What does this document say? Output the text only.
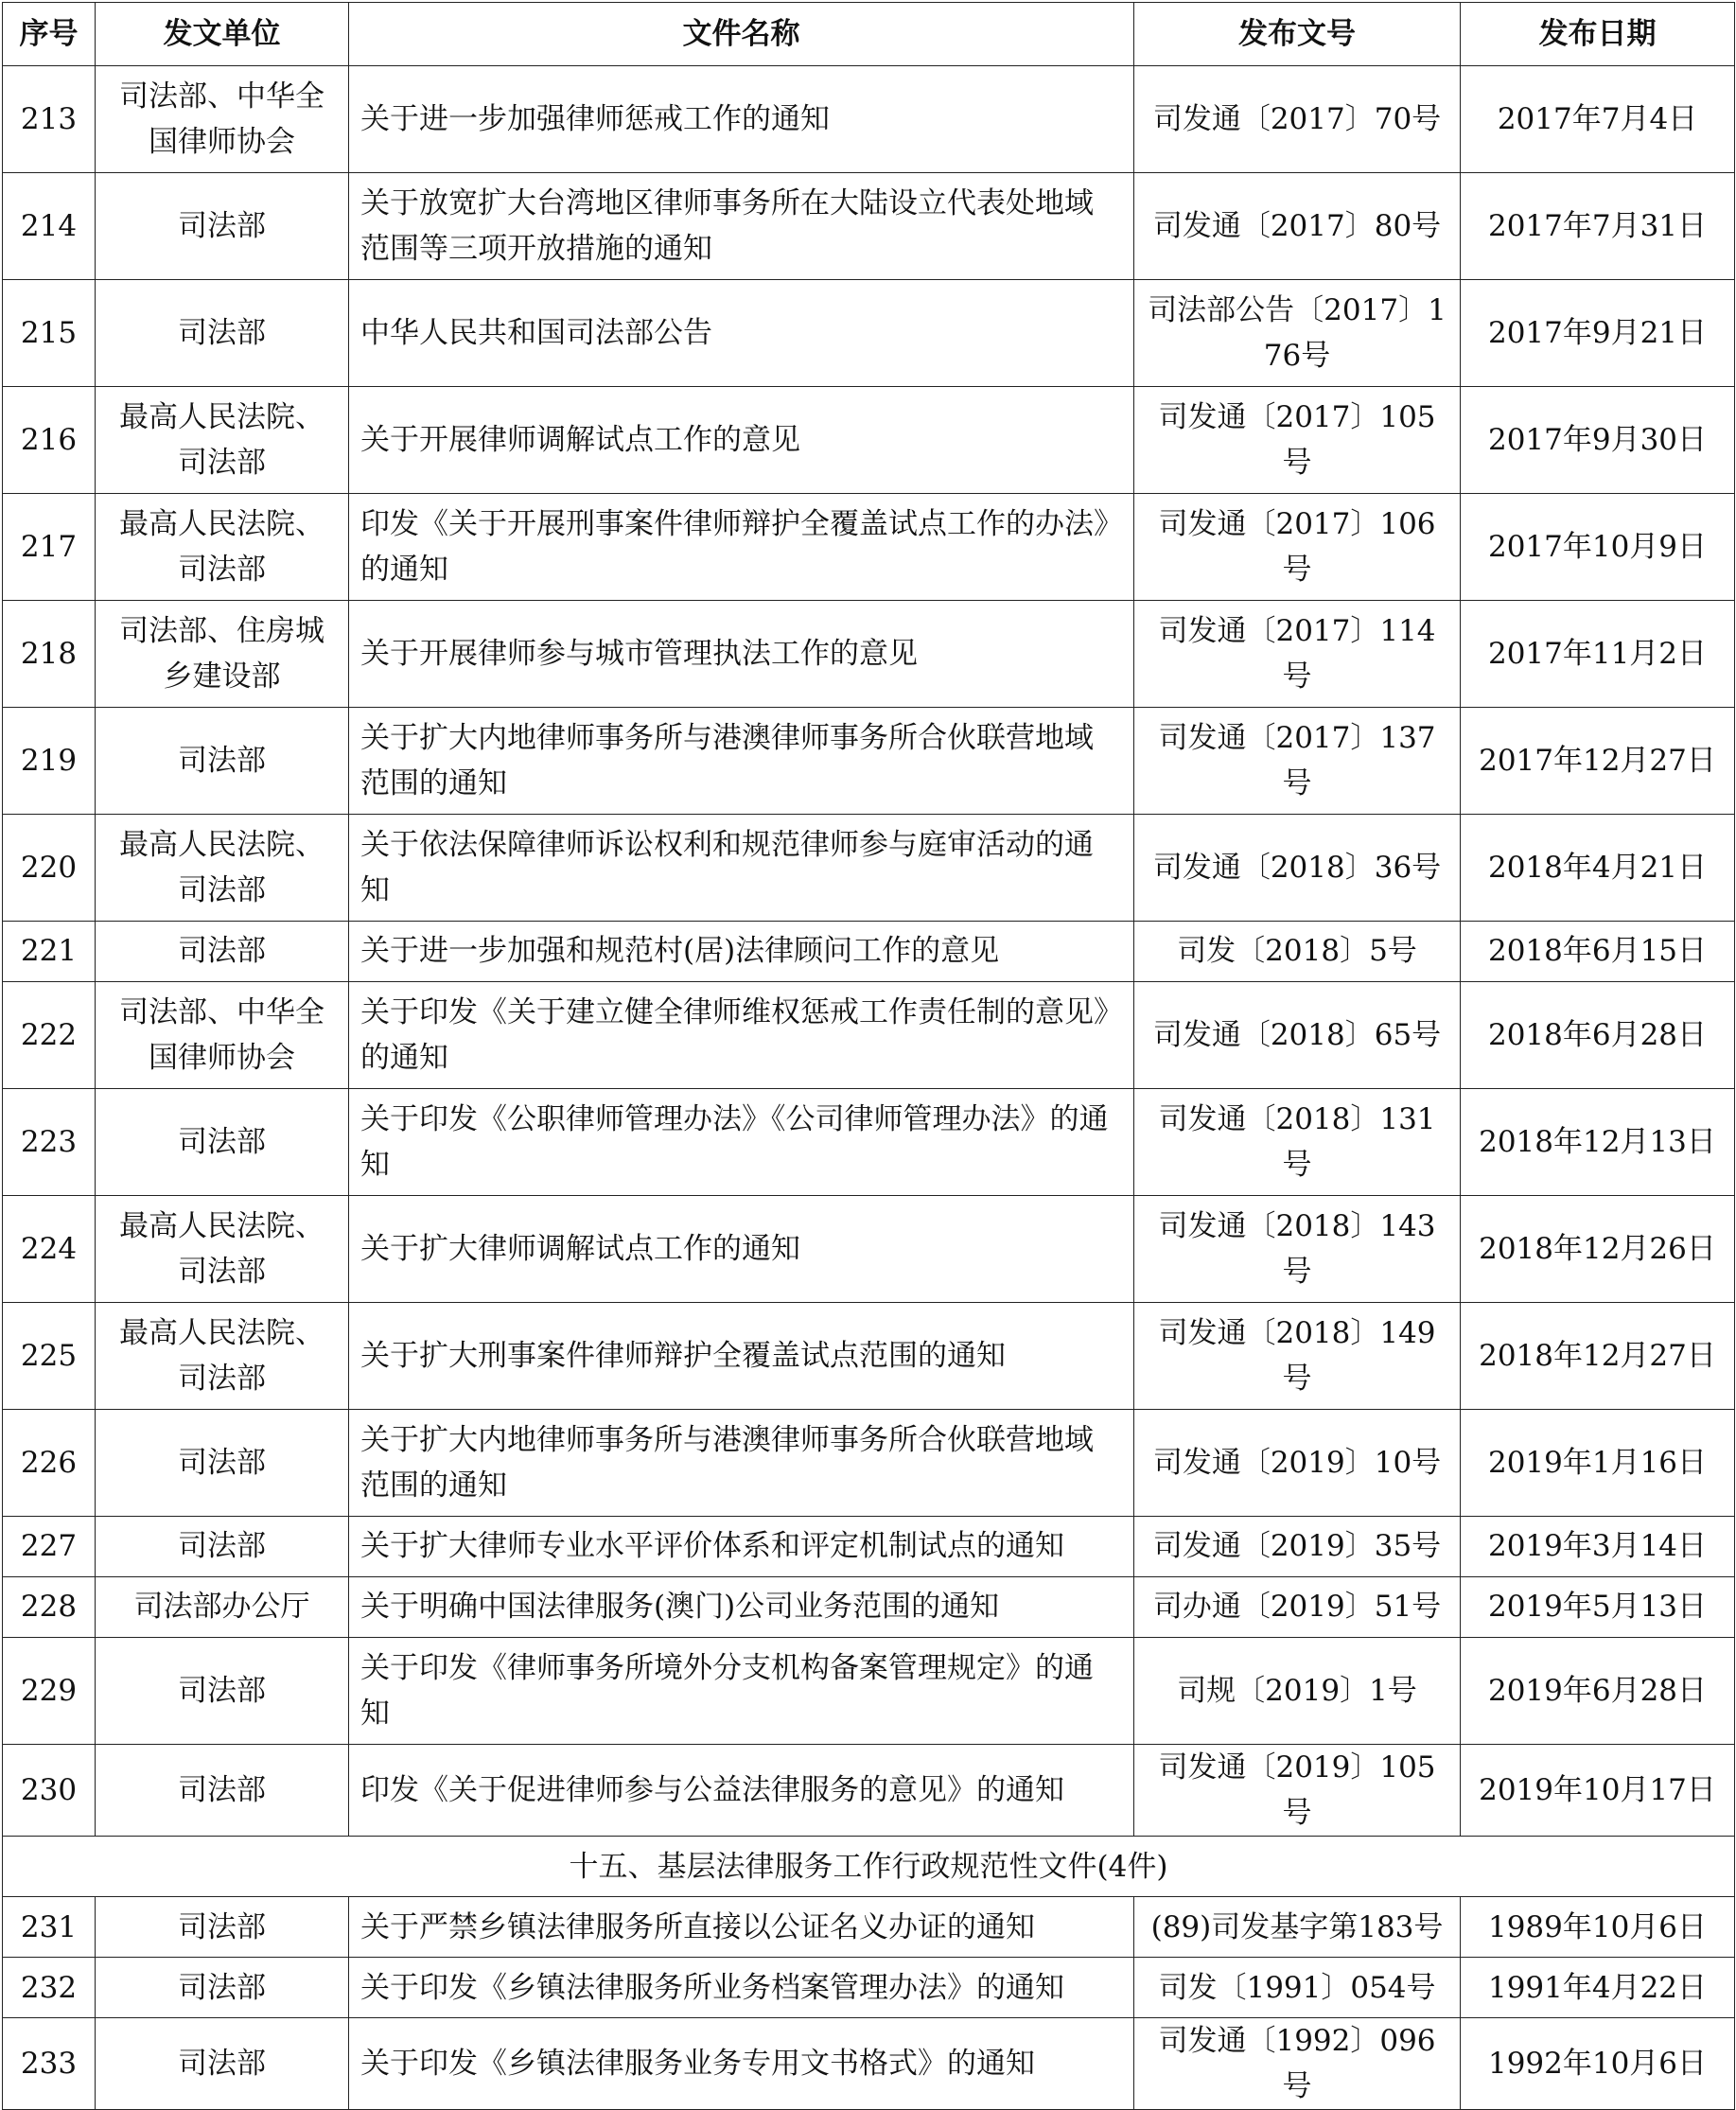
序号	发文单位	文件名称	发布文号	发布日期
213	司法部、中华全国律师协会	关于进一步加强律师惩戒工作的通知	司发通〔2017〕70号	2017年7月4日
214	司法部	关于放宽扩大台湾地区律师事务所在大陆设立代表处地域范围等三项开放措施的通知	司发通〔2017〕80号	2017年7月31日
215	司法部	中华人民共和国司法部公告	司法部公告〔2017〕176号	2017年9月21日
216	最高人民法院、司法部	关于开展律师调解试点工作的意见	司发通〔2017〕105号	2017年9月30日
217	最高人民法院、司法部	印发《关于开展刑事案件律师辩护全覆盖试点工作的办法》的通知	司发通〔2017〕106号	2017年10月9日
218	司法部、住房城乡建设部	关于开展律师参与城市管理执法工作的意见	司发通〔2017〕114号	2017年11月2日
219	司法部	关于扩大内地律师事务所与港澳律师事务所合伙联营地域范围的通知	司发通〔2017〕137号	2017年12月27日
220	最高人民法院、司法部	关于依法保障律师诉讼权利和规范律师参与庭审活动的通知	司发通〔2018〕36号	2018年4月21日
221	司法部	关于进一步加强和规范村(居)法律顾问工作的意见	司发〔2018〕5号	2018年6月15日
222	司法部、中华全国律师协会	关于印发《关于建立健全律师维权惩戒工作责任制的意见》的通知	司发通〔2018〕65号	2018年6月28日
223	司法部	关于印发《公职律师管理办法》《公司律师管理办法》的通知	司发通〔2018〕131号	2018年12月13日
224	最高人民法院、司法部	关于扩大律师调解试点工作的通知	司发通〔2018〕143号	2018年12月26日
225	最高人民法院、司法部	关于扩大刑事案件律师辩护全覆盖试点范围的通知	司发通〔2018〕149号	2018年12月27日
226	司法部	关于扩大内地律师事务所与港澳律师事务所合伙联营地域范围的通知	司发通〔2019〕10号	2019年1月16日
227	司法部	关于扩大律师专业水平评价体系和评定机制试点的通知	司发通〔2019〕35号	2019年3月14日
228	司法部办公厅	关于明确中国法律服务(澳门)公司业务范围的通知	司办通〔2019〕51号	2019年5月13日
229	司法部	关于印发《律师事务所境外分支机构备案管理规定》的通知	司规〔2019〕1号	2019年6月28日
230	司法部	印发《关于促进律师参与公益法律服务的意见》的通知	司发通〔2019〕105号	2019年10月17日
十五、基层法律服务工作行政规范性文件(4件)				
231	司法部	关于严禁乡镇法律服务所直接以公证名义办证的通知	(89)司发基字第183号	1989年10月6日
232	司法部	关于印发《乡镇法律服务所业务档案管理办法》的通知	司发〔1991〕054号	1991年4月22日
233	司法部	关于印发《乡镇法律服务业务专用文书格式》的通知	司发通〔1992〕096号	1992年10月6日
